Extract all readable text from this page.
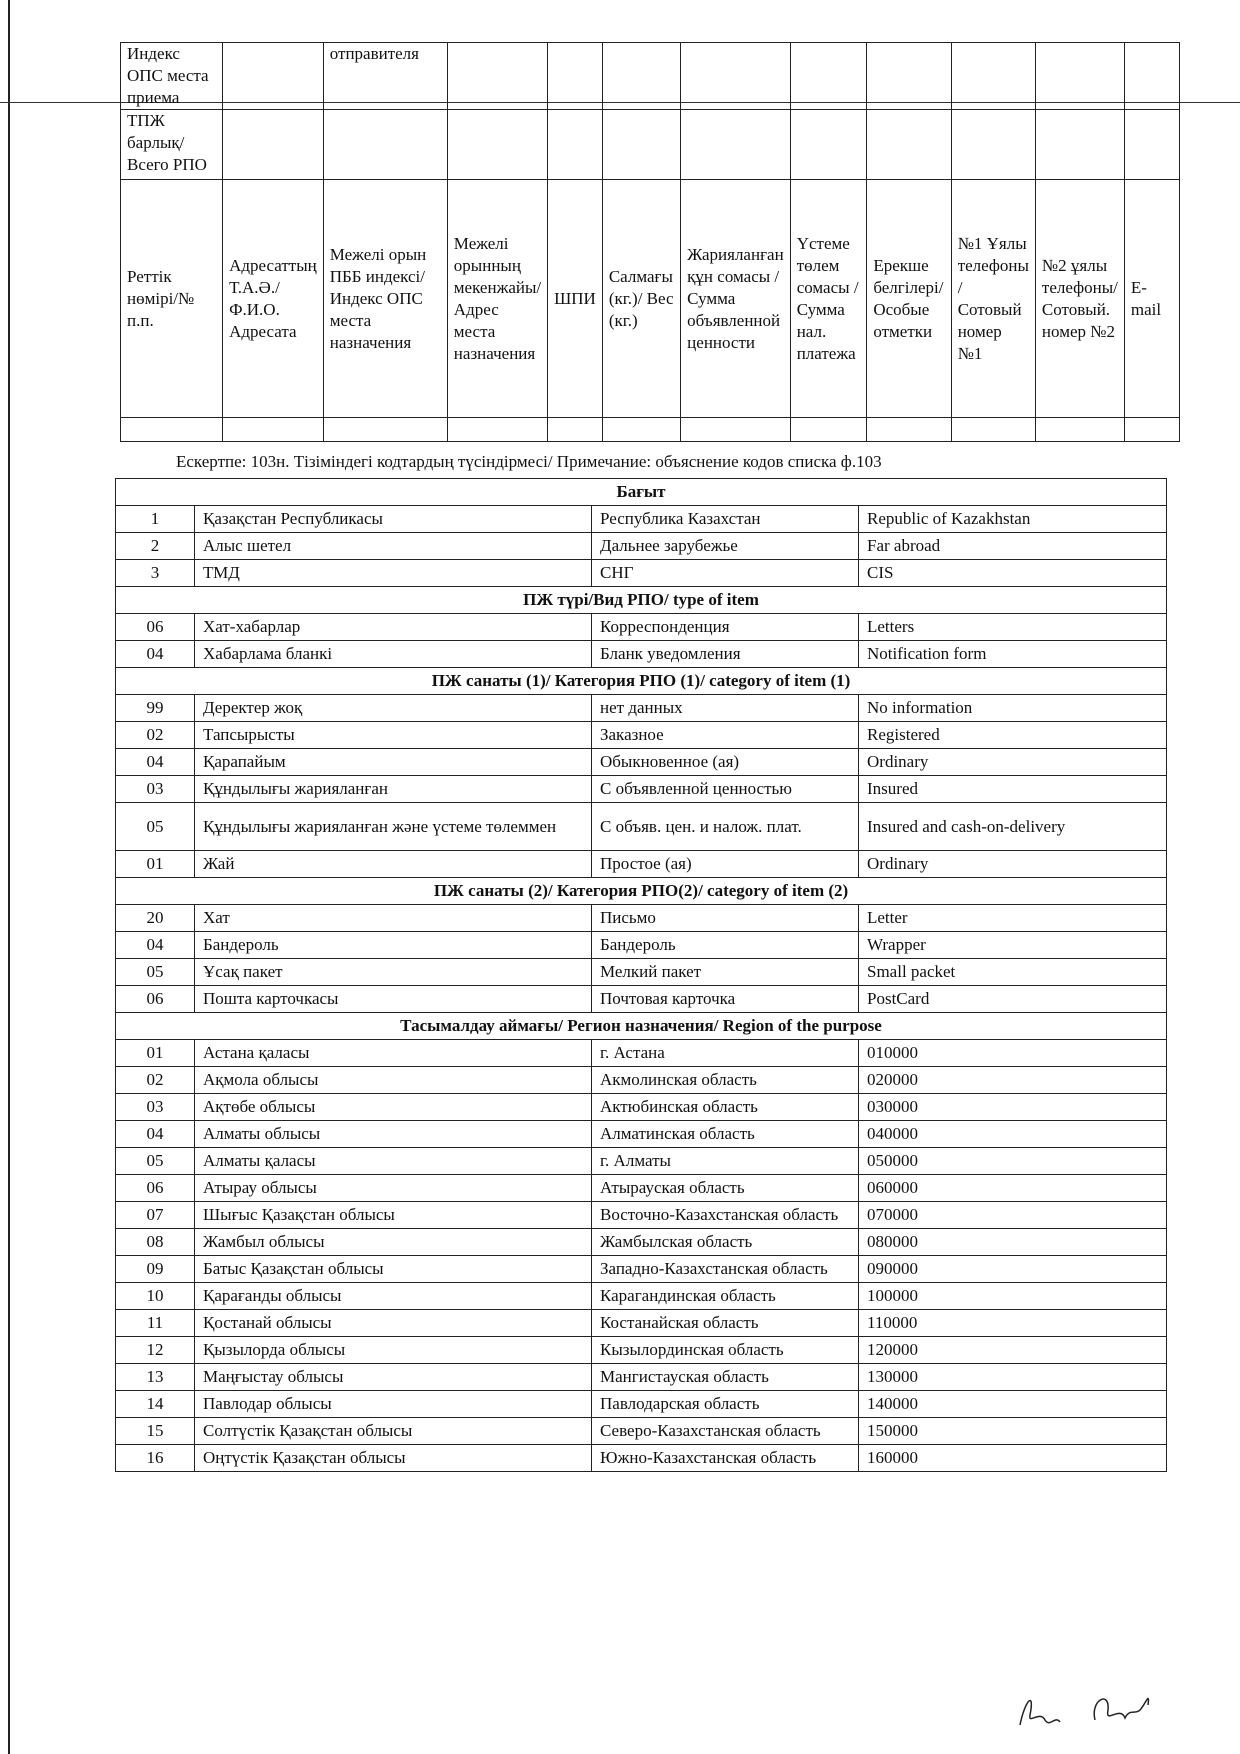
Индекс ОПС места приема		отправителя									
ТПЖ барлық/ Всего РПО											
Реттік нөмірі/№ п.п.	Адресаттың Т.А.Ә./ Ф.И.О. Адресата	Межелі орын ПББ индексі/ Индекс ОПС места назначения	Межелі орынның мекенжайы/ Адрес места назначения	ШПИ	Салмағы (кг.)/ Вес (кг.)	Жарияланған құн сомасы / Сумма объявленной ценности	Үстеме төлем сомасы / Сумма нал. платежа	Ерекше белгілері/ Особые отметки	№1 Ұялы телефоны / Сотовый номер №1	№2 ұялы телефоны/ Сотовый. номер №2	E-mail

Ескертпе: 103н. Тізіміндегі кодтардың түсіндірмесі/ Примечание: объяснение кодов списка ф.103
Бағыт			
1	Қазақстан Республикасы	Республика Казахстан	Republic of Kazakhstan
2	Алыс шетел	Дальнее зарубежье	Far abroad
3	ТМД	СНГ	CIS
ПЖ түрі/Вид РПО/ type of item			
06	Хат-хабарлар	Корреспонденция	Letters
04	Хабарлама бланкі	Бланк уведомления	Notification form
ПЖ санаты (1)/ Категория РПО (1)/ category of item (1)			
99	Деректер жоқ	нет данных	No information
02	Тапсырысты	Заказное	Registered
04	Қарапайым	Обыкновенное (ая)	Ordinary
03	Құндылығы жарияланған	С объявленной ценностью	Insured
05	Құндылығы жарияланған және үстеме төлеммен	С объяв. цен. и налож. плат.	Insured and cash-on-delivery
01	Жай	Простое (ая)	Ordinary
ПЖ санаты (2)/ Категория РПО(2)/ category of item (2)			
20	Хат	Письмо	Letter
04	Бандероль	Бандероль	Wrapper
05	Ұсақ пакет	Мелкий пакет	Small packet
06	Пошта карточкасы	Почтовая карточка	PostCard
Тасымалдау аймағы/ Регион назначения/ Region of the purpose			
01	Астана қаласы	г. Астана	010000
02	Ақмола облысы	Акмолинская область	020000
03	Ақтөбе облысы	Актюбинская область	030000
04	Алматы облысы	Алматинская область	040000
05	Алматы қаласы	г. Алматы	050000
06	Атырау облысы	Атырауская область	060000
07	Шығыс Қазақстан облысы	Восточно-Казахстанская область	070000
08	Жамбыл облысы	Жамбылская область	080000
09	Батыс Қазақстан облысы	Западно-Казахстанская область	090000
10	Қарағанды облысы	Карагандинская область	100000
11	Қостанай облысы	Костанайская область	110000
12	Қызылорда облысы	Кызылординская область	120000
13	Маңғыстау облысы	Мангистауская область	130000
14	Павлодар облысы	Павлодарская область	140000
15	Солтүстік Қазақстан облысы	Северо-Казахстанская область	150000
16	Оңтүстік Қазақстан облысы	Южно-Казахстанская область	160000
